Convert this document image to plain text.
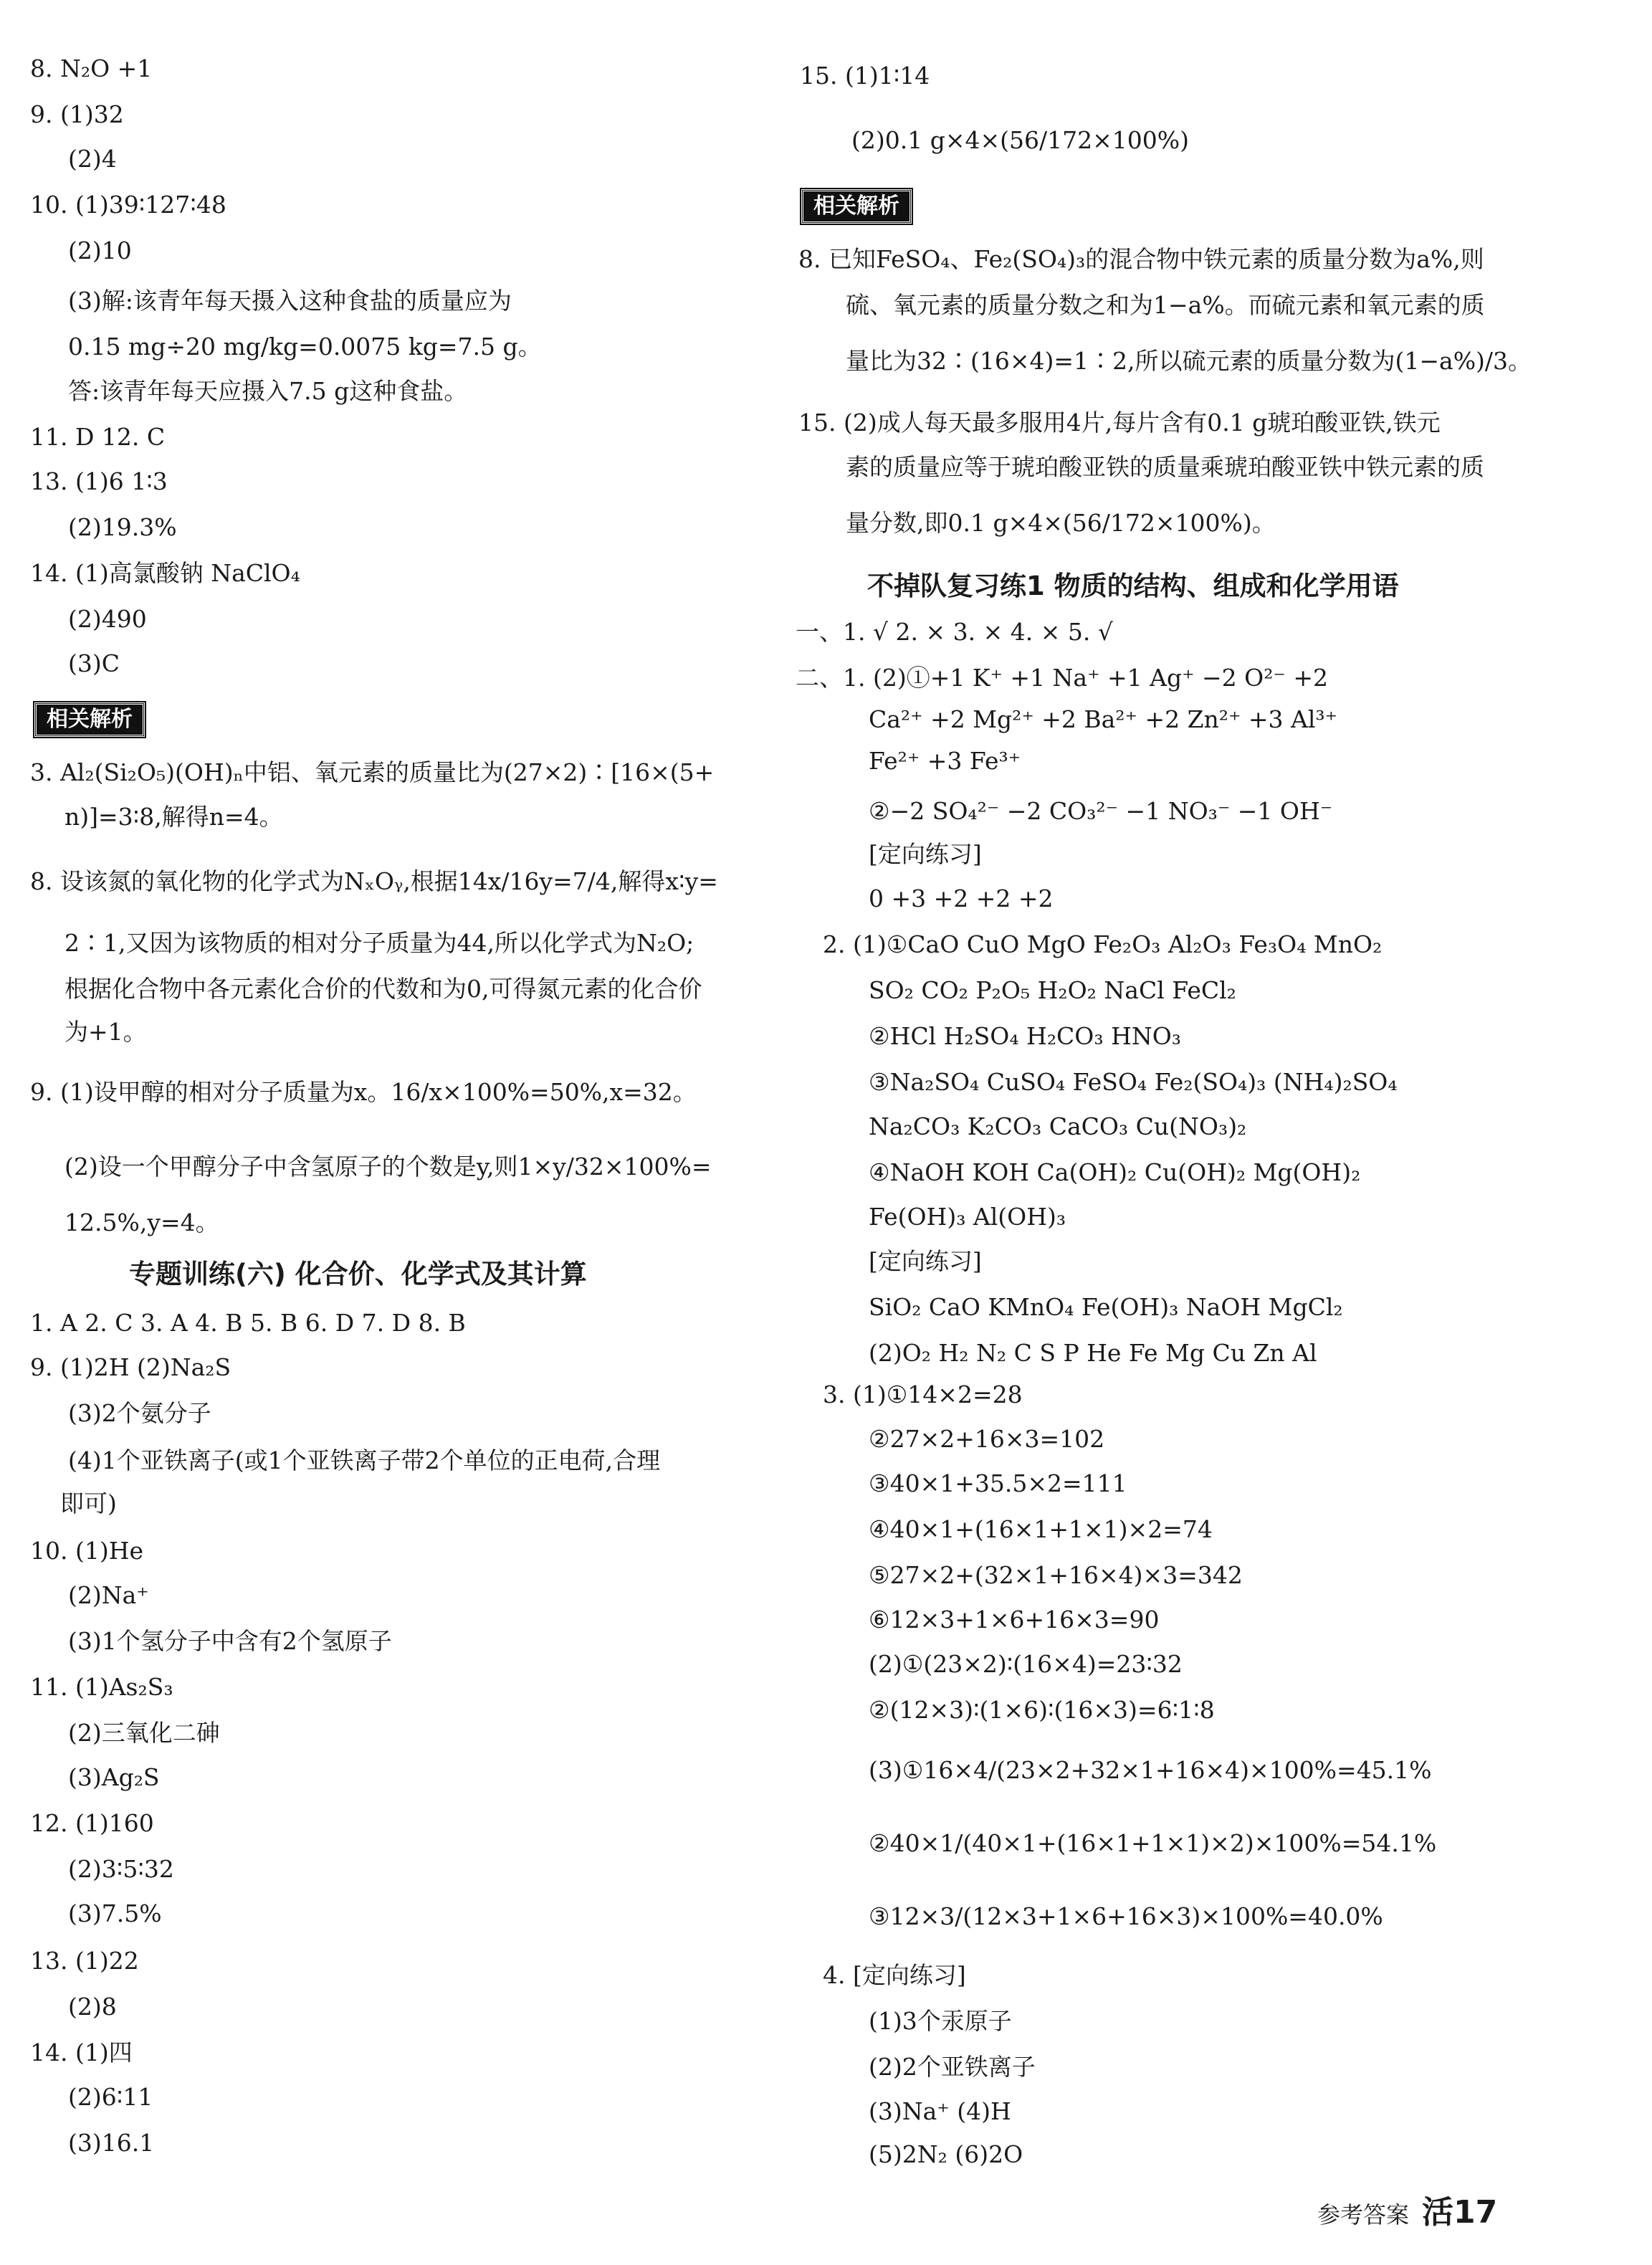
8. N₂O +1
9. (1)32
(2)4
10. (1)39∶127∶48
(2)10
(3)解:该青年每天摄入这种食盐的质量应为
0.15 mg÷20 mg/kg=0.0075 kg=7.5 g。
答:该青年每天应摄入7.5 g这种食盐。
11. D 12. C
13. (1)6 1∶3
(2)19.3%
14. (1)高氯酸钠 NaClO₄
(2)490
(3)C
相关解析
3. Al₂(Si₂O₅)(OH)ₙ中铝、氧元素的质量比为(27×2)∶[16×(5+
n)]=3∶8,解得n=4。
8. 设该氮的氧化物的化学式为NₓOᵧ,根据14x/16y=7/4,解得x∶y=
2∶1,又因为该物质的相对分子质量为44,所以化学式为N₂O;
根据化合物中各元素化合价的代数和为0,可得氮元素的化合价
为+1。
9. (1)设甲醇的相对分子质量为x。16/x×100%=50%,x=32。
(2)设一个甲醇分子中含氢原子的个数是y,则1×y/32×100%=
12.5%,y=4。
专题训练(六) 化合价、化学式及其计算
1. A 2. C 3. A 4. B 5. B 6. D 7. D 8. B
9. (1)2H (2)Na₂S
(3)2个氨分子
(4)1个亚铁离子(或1个亚铁离子带2个单位的正电荷,合理
即可)
10. (1)He
(2)Na⁺
(3)1个氢分子中含有2个氢原子
11. (1)As₂S₃
(2)三氧化二砷
(3)Ag₂S
12. (1)160
(2)3∶5∶32
(3)7.5%
13. (1)22
(2)8
14. (1)四
(2)6∶11
(3)16.1
15. (1)1∶14
(2)0.1 g×4×(56/172×100%)
相关解析
8. 已知FeSO₄、Fe₂(SO₄)₃的混合物中铁元素的质量分数为a%,则
硫、氧元素的质量分数之和为1−a%。而硫元素和氧元素的质
量比为32∶(16×4)=1∶2,所以硫元素的质量分数为(1−a%)/3。
15. (2)成人每天最多服用4片,每片含有0.1 g琥珀酸亚铁,铁元
素的质量应等于琥珀酸亚铁的质量乘琥珀酸亚铁中铁元素的质
量分数,即0.1 g×4×(56/172×100%)。
不掉队复习练1 物质的结构、组成和化学用语
一、1. √ 2. × 3. × 4. × 5. √
二、1. (2)①+1 K⁺ +1 Na⁺ +1 Ag⁺ −2 O²⁻ +2
Ca²⁺ +2 Mg²⁺ +2 Ba²⁺ +2 Zn²⁺ +3 Al³⁺
Fe²⁺ +3 Fe³⁺
②−2 SO₄²⁻ −2 CO₃²⁻ −1 NO₃⁻ −1 OH⁻
[定向练习]
0 +3 +2 +2 +2
2. (1)①CaO CuO MgO Fe₂O₃ Al₂O₃ Fe₃O₄ MnO₂
SO₂ CO₂ P₂O₅ H₂O₂ NaCl FeCl₂
②HCl H₂SO₄ H₂CO₃ HNO₃
③Na₂SO₄ CuSO₄ FeSO₄ Fe₂(SO₄)₃ (NH₄)₂SO₄
Na₂CO₃ K₂CO₃ CaCO₃ Cu(NO₃)₂
④NaOH KOH Ca(OH)₂ Cu(OH)₂ Mg(OH)₂
Fe(OH)₃ Al(OH)₃
[定向练习]
SiO₂ CaO KMnO₄ Fe(OH)₃ NaOH MgCl₂
(2)O₂ H₂ N₂ C S P He Fe Mg Cu Zn Al
3. (1)①14×2=28
②27×2+16×3=102
③40×1+35.5×2=111
④40×1+(16×1+1×1)×2=74
⑤27×2+(32×1+16×4)×3=342
⑥12×3+1×6+16×3=90
(2)①(23×2)∶(16×4)=23∶32
②(12×3)∶(1×6)∶(16×3)=6∶1∶8
(3)①16×4/(23×2+32×1+16×4)×100%=45.1%
②40×1/(40×1+(16×1+1×1)×2)×100%=54.1%
③12×3/(12×3+1×6+16×3)×100%=40.0%
4. [定向练习]
(1)3个汞原子
(2)2个亚铁离子
(3)Na⁺ (4)H
(5)2N₂ (6)2O
参考答案 活17
